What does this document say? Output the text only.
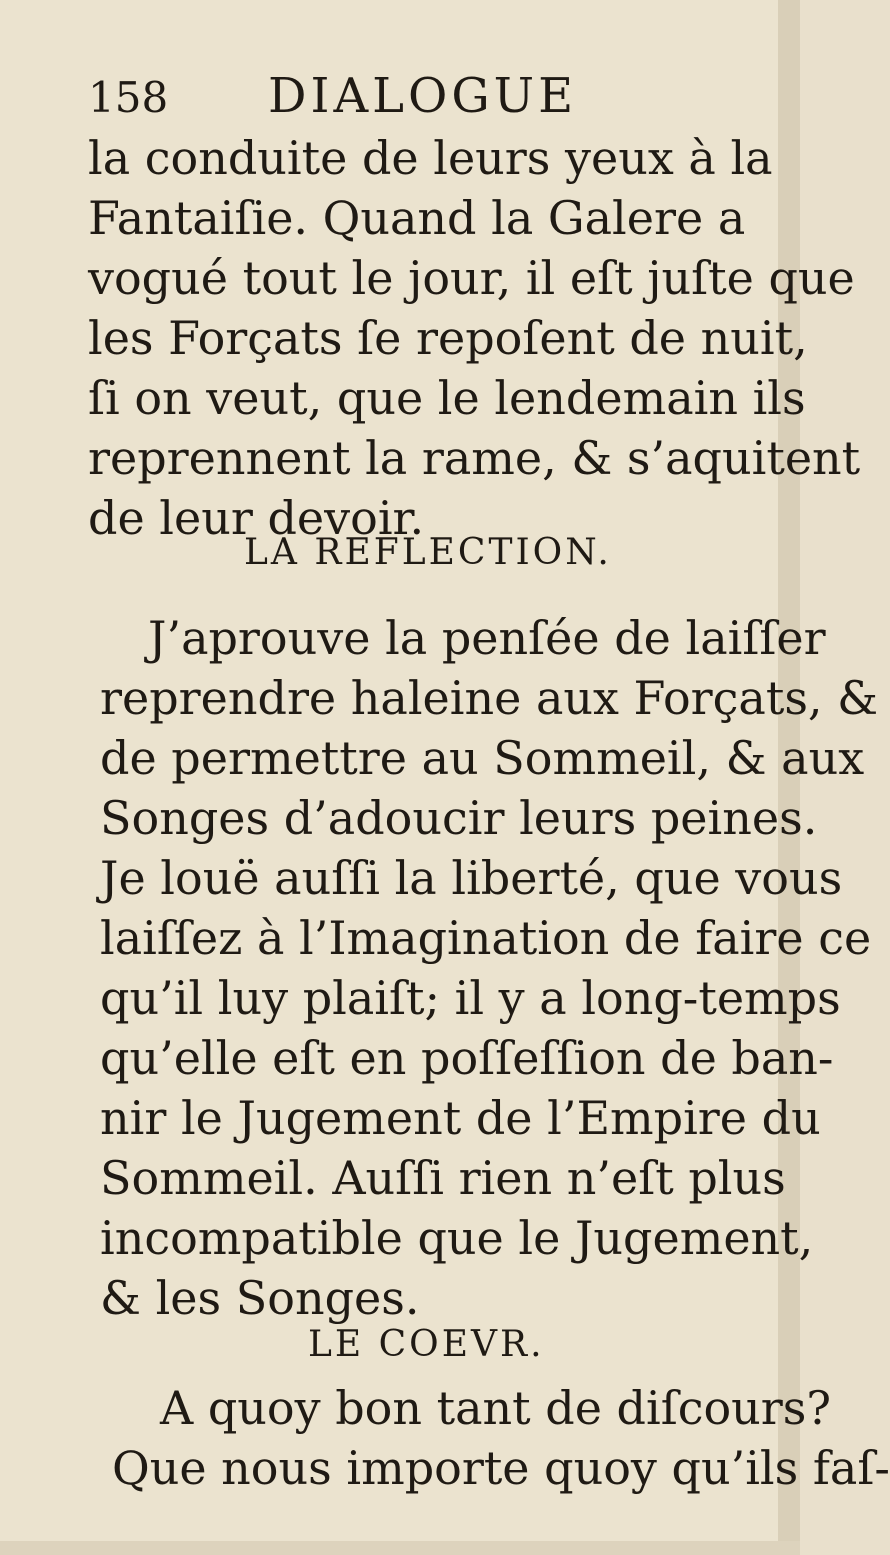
158 DIALOGUE
la conduite de leurs yeux à la
Fantaiſie. Quand la Galere a
vogué tout le jour, il eſt juſte que
les Forçats ſe repoſent de nuit,
ſi on veut, que le lendemain ils
reprennent la rame, & s’aquitent
de leur devoir.
LA REFLECTION.
J’aprouve la penſée de laiſſer
reprendre haleine aux Forçats, &
de permettre au Sommeil, & aux
Songes d’adoucir leurs peines.
Je louë auſſi la liberté, que vous
laiſſez à l’Imagination de faire ce
qu’il luy plaiſt; il y a long-temps
qu’elle eſt en poſſeſſion de ban-
nir le Jugement de l’Empire du
Sommeil. Auſſi rien n’eſt plus
incompatible que le Jugement,
& les Songes.
LE COEVR.
A quoy bon tant de diſcours?
Que nous importe quoy qu’ils faſ-
